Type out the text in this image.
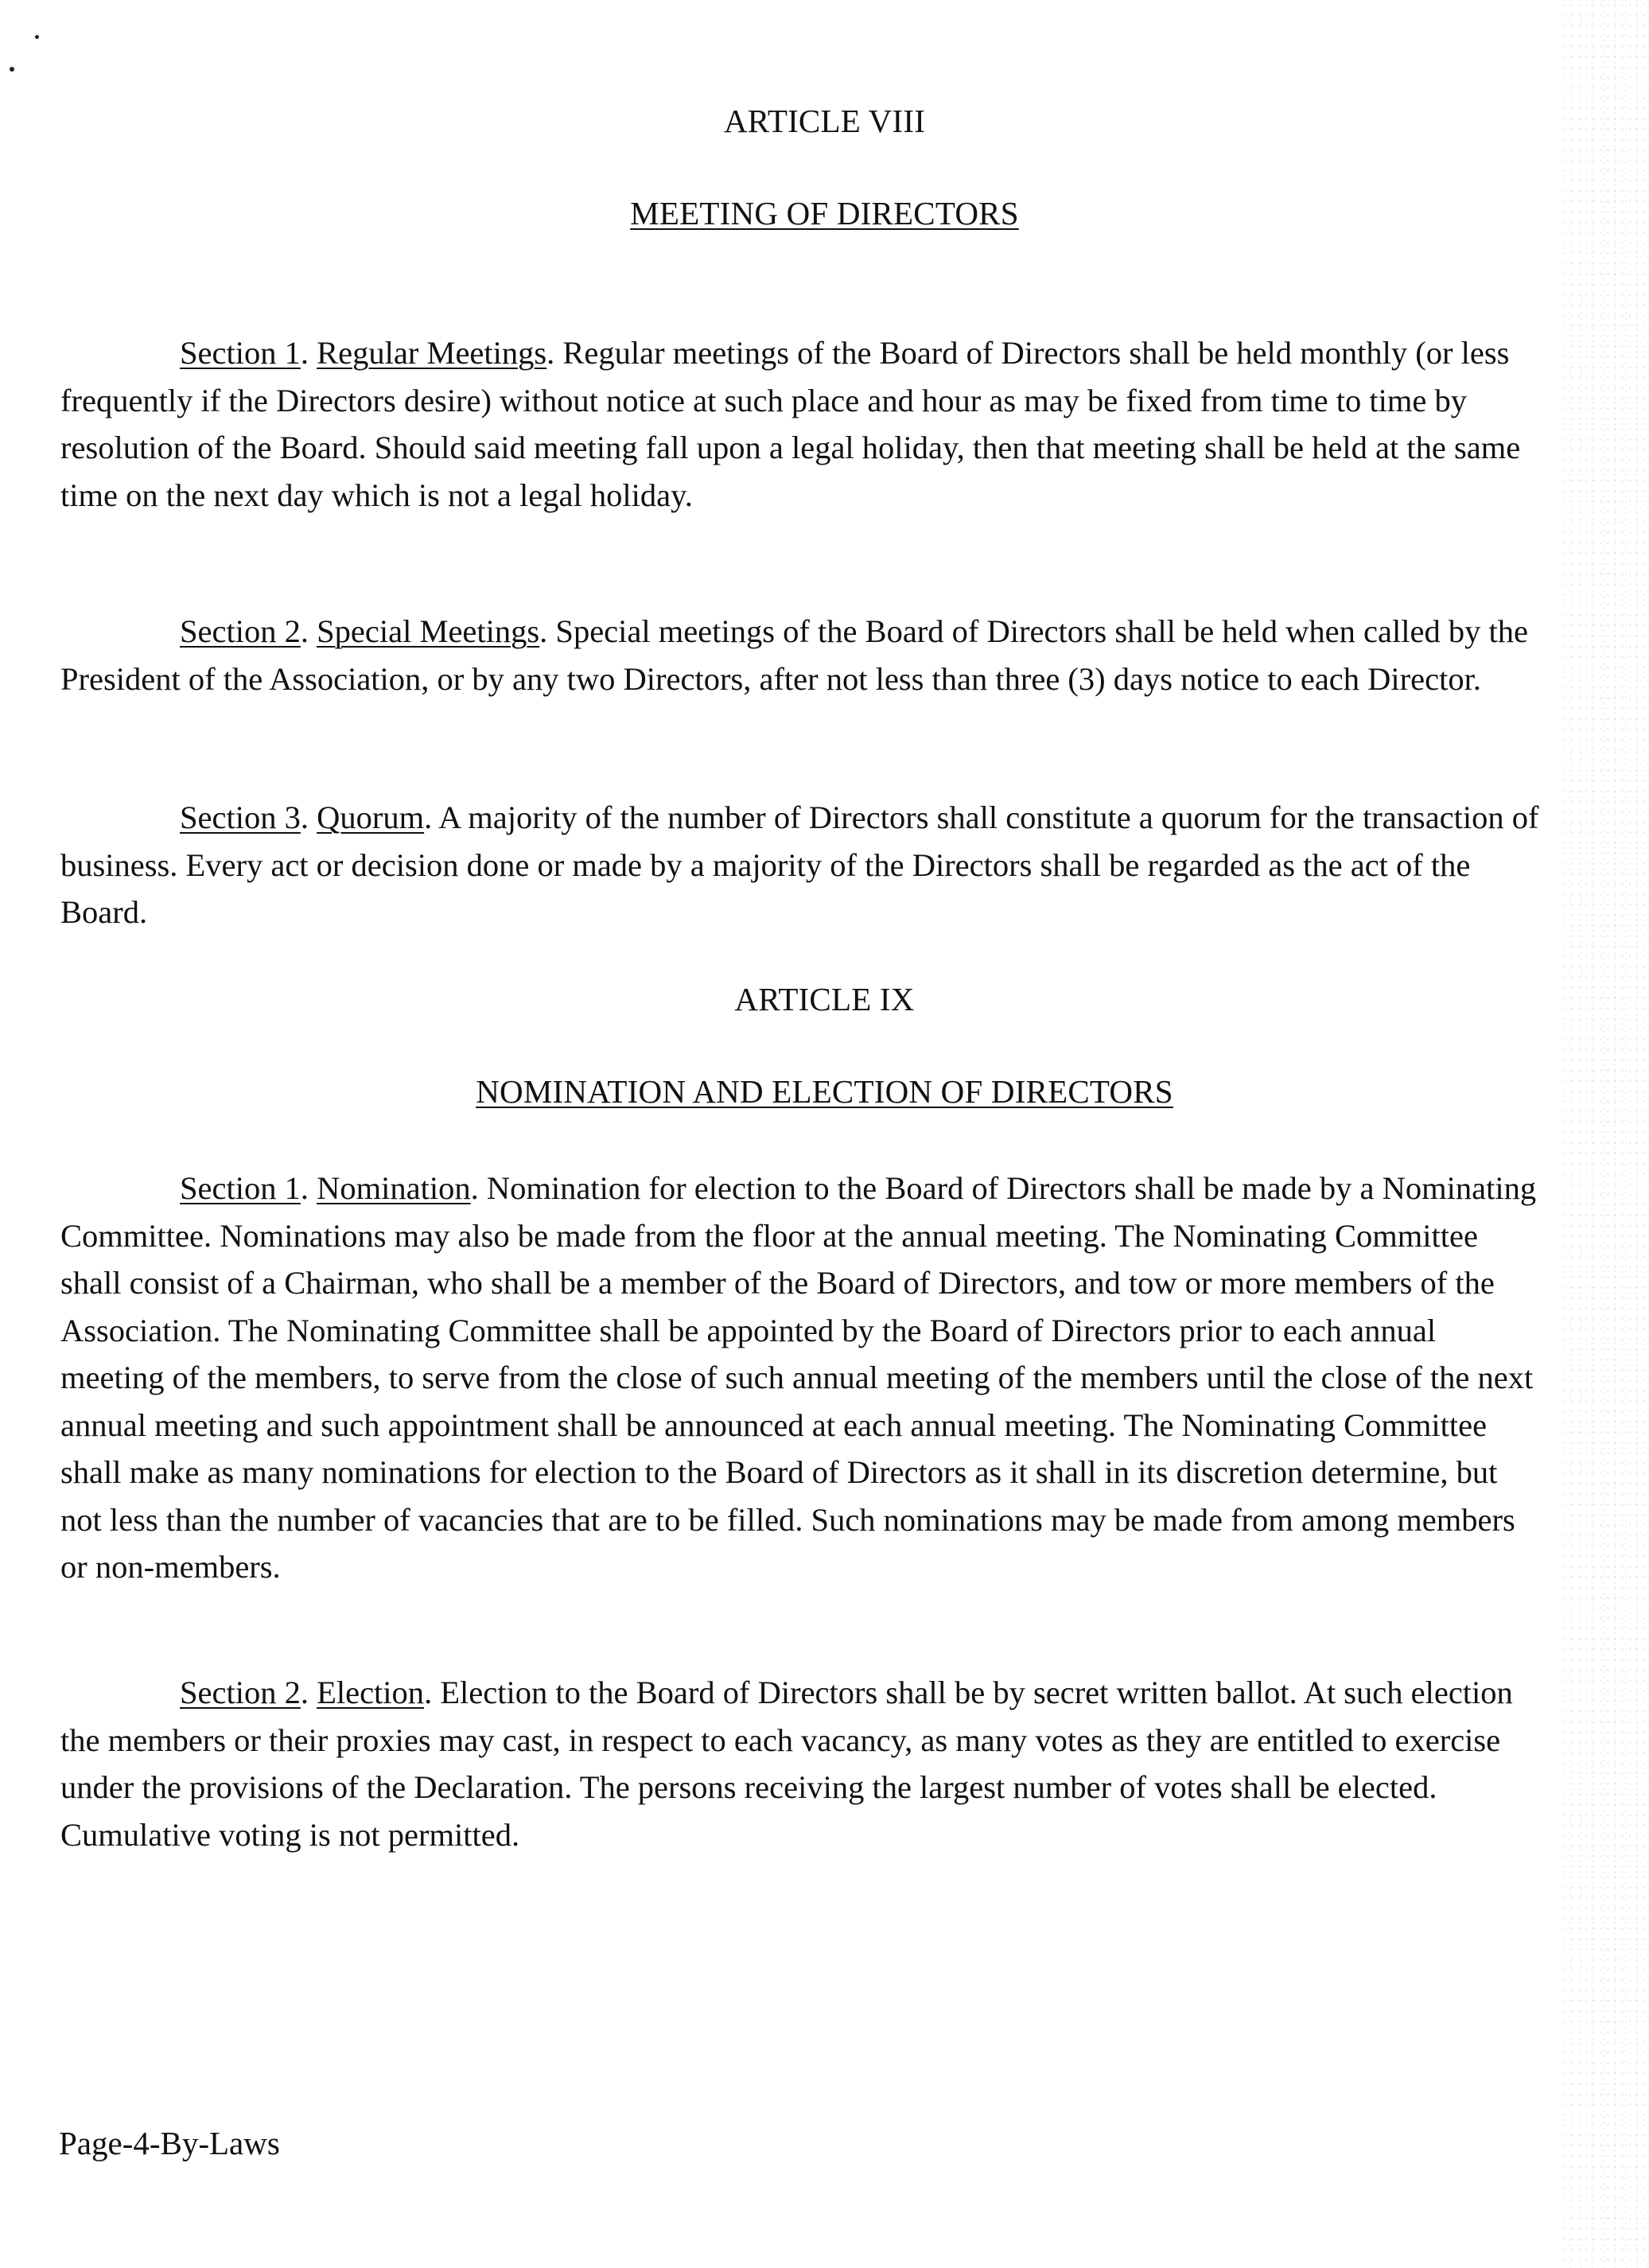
ARTICLE VIII
MEETING OF DIRECTORS

Section 1. Regular Meetings. Regular meetings of the Board of Directors shall be held monthly (or less frequently if the Directors desire) without notice at such place and hour as may be fixed from time to time by resolution of the Board. Should said meeting fall upon a legal holiday, then that meeting shall be held at the same time on the next day which is not a legal holiday.

Section 2. Special Meetings. Special meetings of the Board of Directors shall be held when called by the President of the Association, or by any two Directors, after not less than three (3) days notice to each Director.

Section 3. Quorum. A majority of the number of Directors shall constitute a quorum for the transaction of business. Every act or decision done or made by a majority of the Directors shall be regarded as the act of the Board.

ARTICLE IX
NOMINATION AND ELECTION OF DIRECTORS

Section 1. Nomination. Nomination for election to the Board of Directors shall be made by a Nominating Committee. Nominations may also be made from the floor at the annual meeting. The Nominating Committee shall consist of a Chairman, who shall be a member of the Board of Directors, and tow or more members of the Association. The Nominating Committee shall be appointed by the Board of Directors prior to each annual meeting of the members, to serve from the close of such annual meeting of the members until the close of the next annual meeting and such appointment shall be announced at each annual meeting. The Nominating Committee shall make as many nominations for election to the Board of Directors as it shall in its discretion determine, but not less than the number of vacancies that are to be filled. Such nominations may be made from among members or non-members.

Section 2. Election. Election to the Board of Directors shall be by secret written ballot. At such election the members or their proxies may cast, in respect to each vacancy, as many votes as they are entitled to exercise under the provisions of the Declaration. The persons receiving the largest number of votes shall be elected. Cumulative voting is not permitted.

Page-4-By-Laws
